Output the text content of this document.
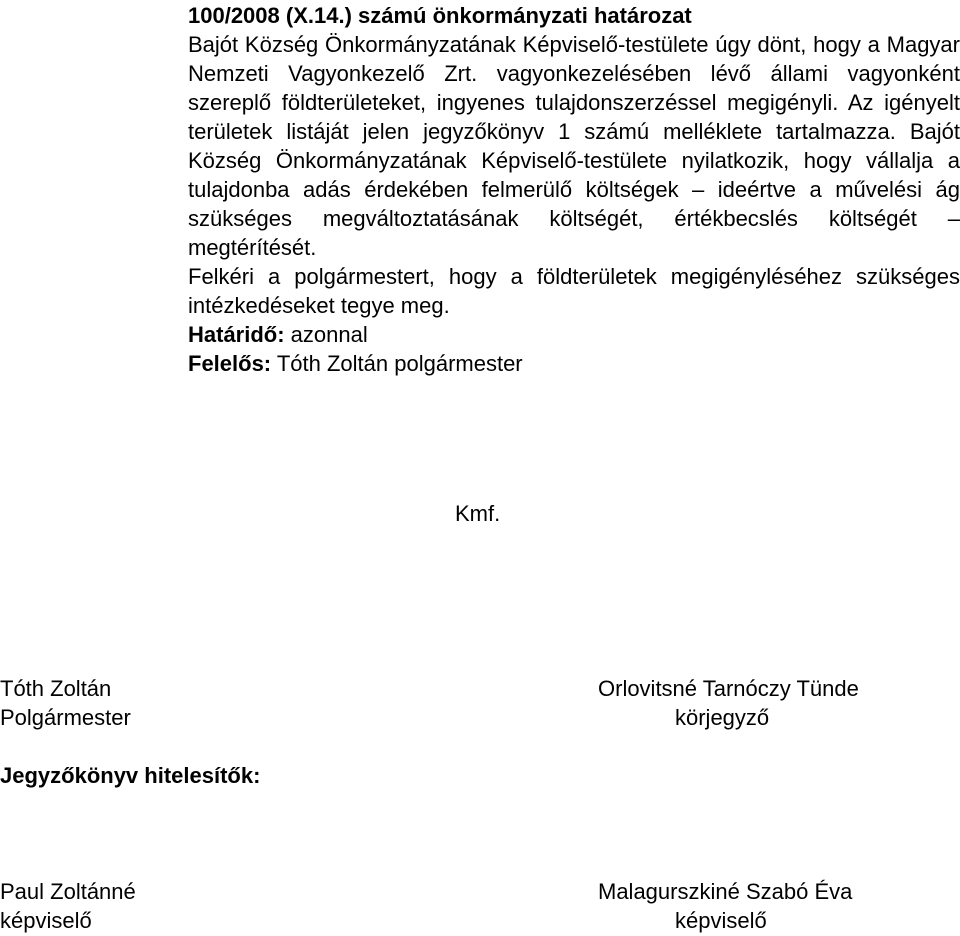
100/2008 (X.14.) számú önkormányzati határozat
Bajót Község Önkormányzatának Képviselő-testülete úgy dönt, hogy a Magyar Nemzeti Vagyonkezelő Zrt. vagyonkezelésében lévő állami vagyonként szereplő földterületeket, ingyenes tulajdonszerzéssel megigényli. Az igényelt területek listáját jelen jegyzőkönyv 1 számú melléklete tartalmazza. Bajót Község Önkormányzatának Képviselő-testülete nyilatkozik, hogy vállalja a tulajdonba adás érdekében felmerülő költségek – ideértve a művelési ág szükséges megváltoztatásának költségét, értékbecslés költségét – megtérítését.
Felkéri a polgármestert, hogy a földterületek megigényléséhez szükséges intézkedéseket tegye meg.
Határidő: azonnal
Felelős: Tóth Zoltán polgármester
Kmf.
Tóth Zoltán
Polgármester
Orlovitsné Tarnóczy Tünde
körjegyző
Jegyzőkönyv hitelesítők:
Paul Zoltánné
képviselő
Malagurszkiné Szabó Éva
képviselő
